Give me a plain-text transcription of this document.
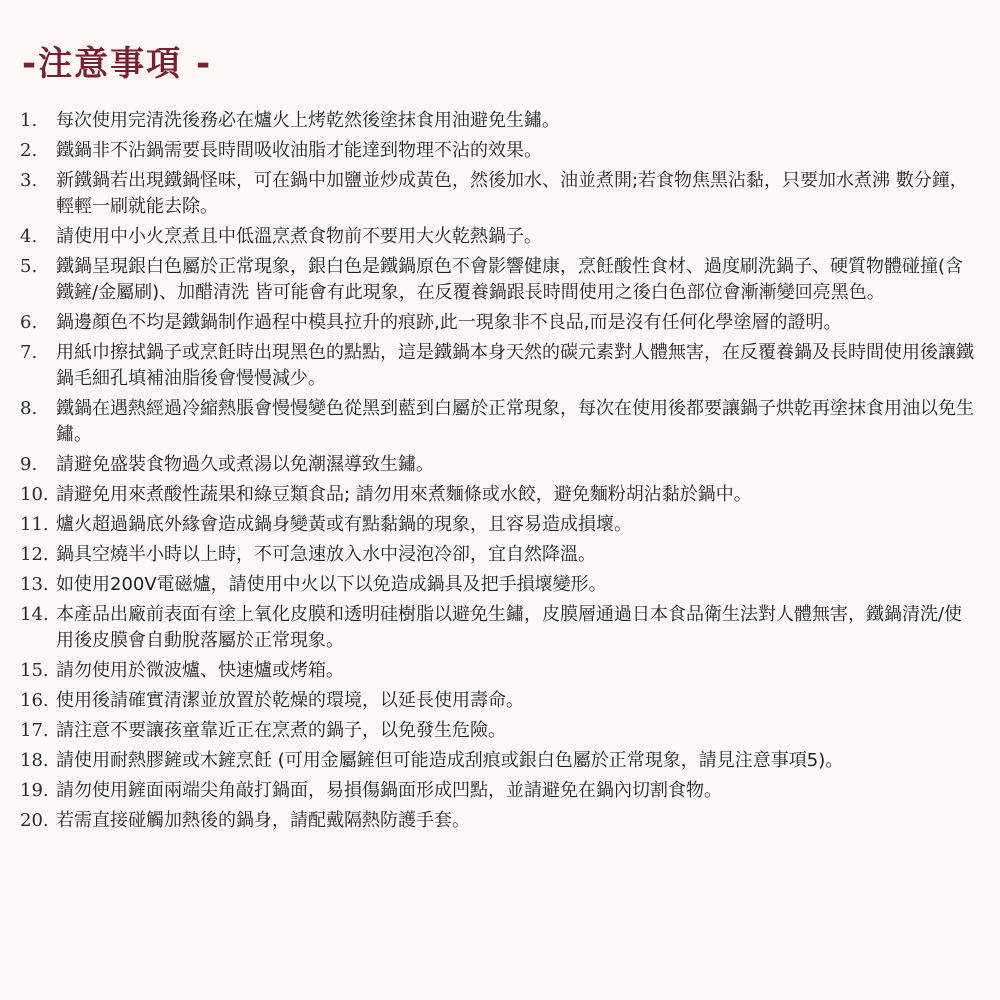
-注意事項 -
1.	每次使用完清洗後務必在爐火上烤乾然後塗抹食用油避免生鏽。
2.	鐵鍋非不沾鍋需要長時間吸收油脂才能達到物理不沾的效果。
3.	新鐵鍋若出現鐵鍋怪味，可在鍋中加鹽並炒成黃色，然後加水、油並煮開;若食物焦黑沾黏，只要加水煮沸 數分鐘，輕輕一刷就能去除。
4.	請使用中小火烹煮且中低溫烹煮食物前不要用大火乾熱鍋子。
5.	鐵鍋呈現銀白色屬於正常現象，銀白色是鐵鍋原色不會影響健康，烹飪酸性食材、過度刷洗鍋子、硬質物體碰撞(含鐵鏟/金屬刷)、加醋清洗 皆可能會有此現象，在反覆養鍋跟長時間使用之後白色部位會漸漸變回亮黑色。
6.	鍋邊顏色不均是鐵鍋制作過程中模具拉升的痕跡,此一現象非不良品,而是沒有任何化學塗層的證明。
7.	用紙巾擦拭鍋子或烹飪時出現黑色的點點，這是鐵鍋本身天然的碳元素對人體無害，在反覆養鍋及長時間使用後讓鐵鍋毛細孔填補油脂後會慢慢減少。
8.	鐵鍋在遇熱經過冷縮熱脹會慢慢變色從黑到藍到白屬於正常現象，每次在使用後都要讓鍋子烘乾再塗抹食用油以免生鏽。
9.	請避免盛裝食物過久或煮湯以免潮濕導致生鏽。
10. 請避免用來煮酸性蔬果和綠豆類食品; 請勿用來煮麵條或水餃，避免麵粉胡沾黏於鍋中。
11. 爐火超過鍋底外緣會造成鍋身變黃或有點黏鍋的現象，且容易造成損壞。
12. 鍋具空燒半小時以上時，不可急速放入水中浸泡冷卻，宜自然降溫。
13. 如使用200V電磁爐，請使用中火以下以免造成鍋具及把手損壞變形。
14. 本產品出廠前表面有塗上氧化皮膜和透明硅樹脂以避免生鏽，皮膜層通過日本食品衛生法對人體無害，鐵鍋清洗/使用後皮膜會自動脫落屬於正常現象。
15. 請勿使用於微波爐、快速爐或烤箱。
16. 使用後請確實清潔並放置於乾燥的環境，以延長使用壽命。
17. 請注意不要讓孩童靠近正在烹煮的鍋子，以免發生危險。
18. 請使用耐熱膠鏟或木鏟烹飪 (可用金屬鏟但可能造成刮痕或銀白色屬於正常現象，請見注意事項5)。
19. 請勿使用鏟面兩端尖角敲打鍋面，易損傷鍋面形成凹點，並請避免在鍋內切割食物。
20. 若需直接碰觸加熱後的鍋身，請配戴隔熱防護手套。
